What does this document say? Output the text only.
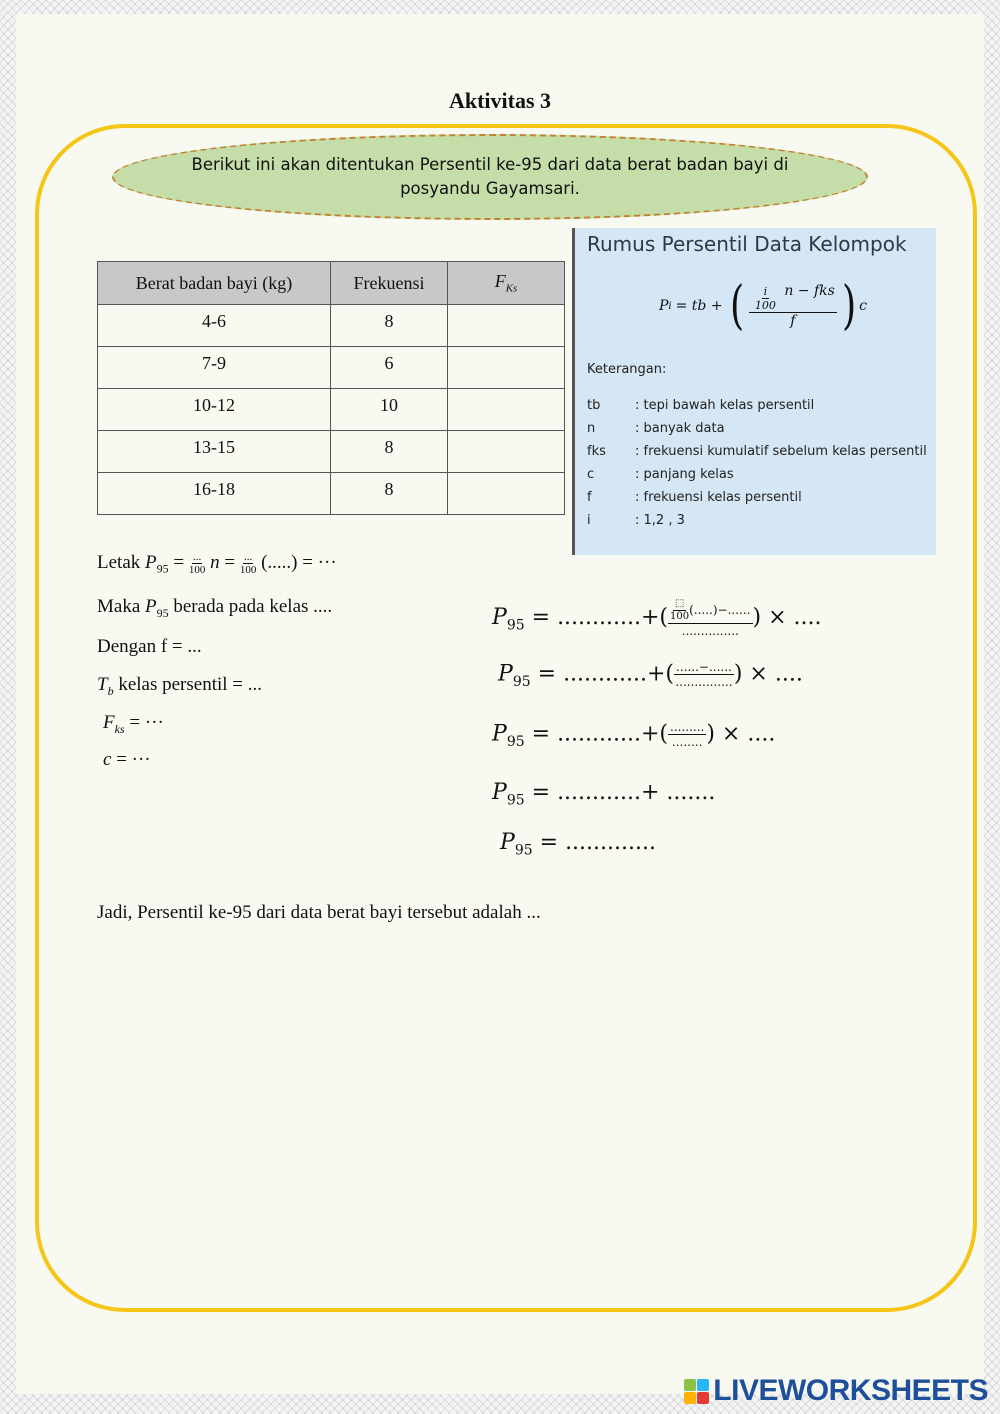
Aktivitas 3
Berikut ini akan ditentukan Persentil ke-95 dari data berat badan bayi di posyandu Gayamsari.
Berat badan bayi (kg)	Frekuensi	$F_{Ks}$
4-6	8	
7-9	6	
10-12	10	
13-15	8	
16-18	8	
Rumus Persentil Data Kelompok
P i = tb + ( $\frac{\frac{i}{100} n - fks}{f}$ ) c
Keterangan:
tb	: tepi bawah kelas persentil
n	: banyak data
fks	: frekuensi kumulatif sebelum kelas persentil
c	: panjang kelas
f	: frekuensi kelas persentil
i	: 1,2 , 3
Letak $P_{95}$ = ...
100 n = ...
100 (.....) = ···
Maka $P_{95}$ berada pada kelas ....
Dengan f = ...
$T_b$ kelas persentil = ...
$F_{ks}$ = ···
c = ···
$P_{95}$ = ............+(
⬚
100 (.....)−......
...............
) × ....
$P_{95}$ = ............+( ......−......
............... ) × ....
$P_{95}$ = ............+( .........
........ ) × ....
$P_{95}$ = ............+ .......
$P_{95}$ = .............
Jadi, Persentil ke-95 dari data berat bayi tersebut adalah ...
LIVEWORKSHEETS
